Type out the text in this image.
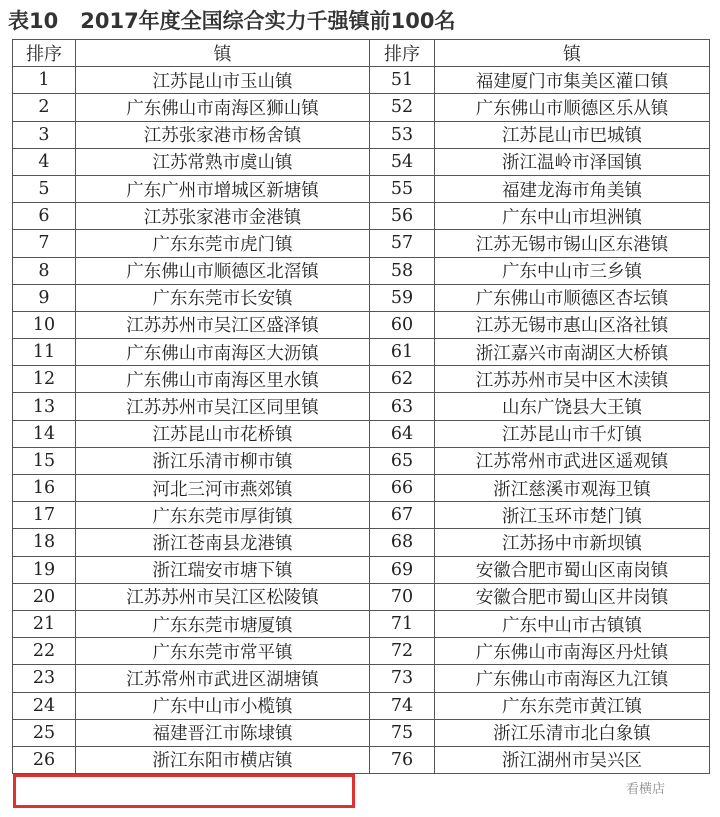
表10 2017年度全国综合实力千强镇前100名
排序	镇	排序	镇
1	江苏昆山市玉山镇	51	福建厦门市集美区灌口镇
2	广东佛山市南海区狮山镇	52	广东佛山市顺德区乐从镇
3	江苏张家港市杨舍镇	53	江苏昆山市巴城镇
4	江苏常熟市虞山镇	54	浙江温岭市泽国镇
5	广东广州市增城区新塘镇	55	福建龙海市角美镇
6	江苏张家港市金港镇	56	广东中山市坦洲镇
7	广东东莞市虎门镇	57	江苏无锡市锡山区东港镇
8	广东佛山市顺德区北滘镇	58	广东中山市三乡镇
9	广东东莞市长安镇	59	广东佛山市顺德区杏坛镇
10	江苏苏州市吴江区盛泽镇	60	江苏无锡市惠山区洛社镇
11	广东佛山市南海区大沥镇	61	浙江嘉兴市南湖区大桥镇
12	广东佛山市南海区里水镇	62	江苏苏州市吴中区木渎镇
13	江苏苏州市吴江区同里镇	63	山东广饶县大王镇
14	江苏昆山市花桥镇	64	江苏昆山市千灯镇
15	浙江乐清市柳市镇	65	江苏常州市武进区遥观镇
16	河北三河市燕郊镇	66	浙江慈溪市观海卫镇
17	广东东莞市厚街镇	67	浙江玉环市楚门镇
18	浙江苍南县龙港镇	68	江苏扬中市新坝镇
19	浙江瑞安市塘下镇	69	安徽合肥市蜀山区南岗镇
20	江苏苏州市吴江区松陵镇	70	安徽合肥市蜀山区井岗镇
21	广东东莞市塘厦镇	71	广东中山市古镇镇
22	广东东莞市常平镇	72	广东佛山市南海区丹灶镇
23	江苏常州市武进区湖塘镇	73	广东佛山市南海区九江镇
24	广东中山市小榄镇	74	广东东莞市黄江镇
25	福建晋江市陈埭镇	75	浙江乐清市北白象镇
26	浙江东阳市横店镇	76	浙江湖州市吴兴区
看横店
